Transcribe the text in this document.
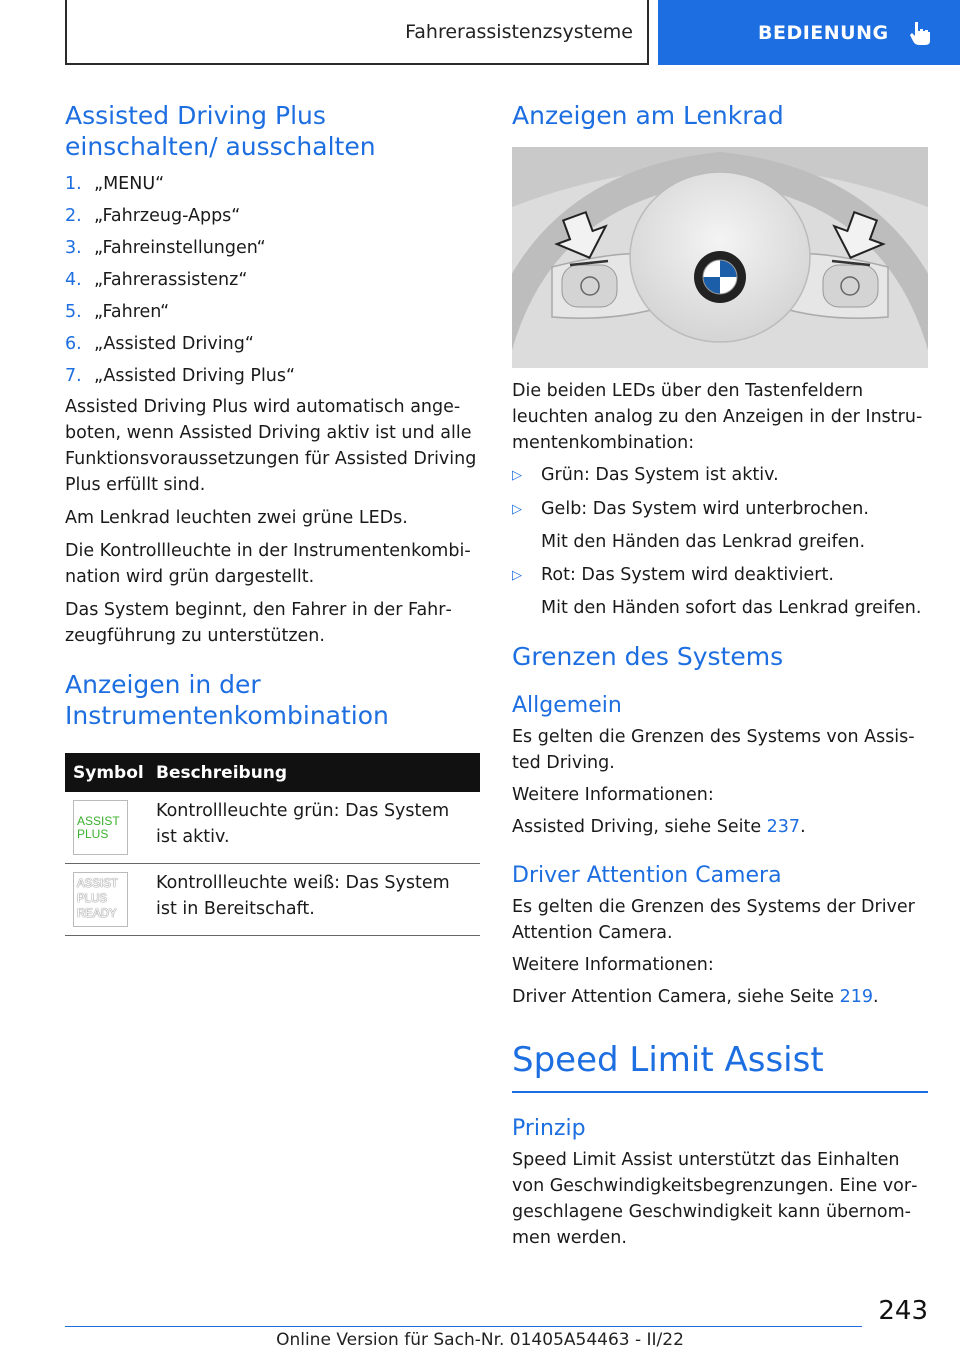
Fahrerassistenzsysteme	BEDIENUNG
Assisted Driving Plus einschalten/ ausschalten
1. „MENU“
2. „Fahrzeug-Apps“
3. „Fahreinstellungen“
4. „Fahrerassistenz“
5. „Fahren“
6. „Assisted Driving“
7. „Assisted Driving Plus“

Assisted Driving Plus wird automatisch angeboten, wenn Assisted Driving aktiv ist und alle Funktionsvoraussetzungen für Assisted Driving Plus erfüllt sind.

Am Lenkrad leuchten zwei grüne LEDs.

Die Kontrollleuchte in der Instrumentenkombination wird grün dargestellt.

Das System beginnt, den Fahrer in der Fahrzeugführung zu unterstützen.

Anzeigen in der Instrumentenkombination
Symbol	Beschreibung

ASSIST
PLUS	Kontrollleuchte grün: Das System ist aktiv.

ASSIST
PLUS
READY	Kontrollleuchte weiß: Das System ist in Bereitschaft.
Anzeigen am Lenkrad

Die beiden LEDs über den Tastenfeldern leuchten analog zu den Anzeigen in der Instrumentenkombination:

▷	Grün: Das System ist aktiv.
▷	Gelb: Das System wird unterbrochen.
Mit den Händen das Lenkrad greifen.
▷	Rot: Das System wird deaktiviert.
Mit den Händen sofort das Lenkrad greifen.
Grenzen des Systems
Allgemein

Es gelten die Grenzen des Systems von Assisted Driving.

Weitere Informationen:

Assisted Driving, siehe Seite 237.

Driver Attention Camera

Es gelten die Grenzen des Systems der Driver Attention Camera.

Weitere Informationen:

Driver Attention Camera, siehe Seite 219.

Speed Limit Assist
Prinzip

Speed Limit Assist unterstützt das Einhalten von Geschwindigkeitsbegrenzungen. Eine vorgeschlagene Geschwindigkeit kann übernommen werden.

243
Online Version für Sach-Nr. 01405A54463 - II/22
